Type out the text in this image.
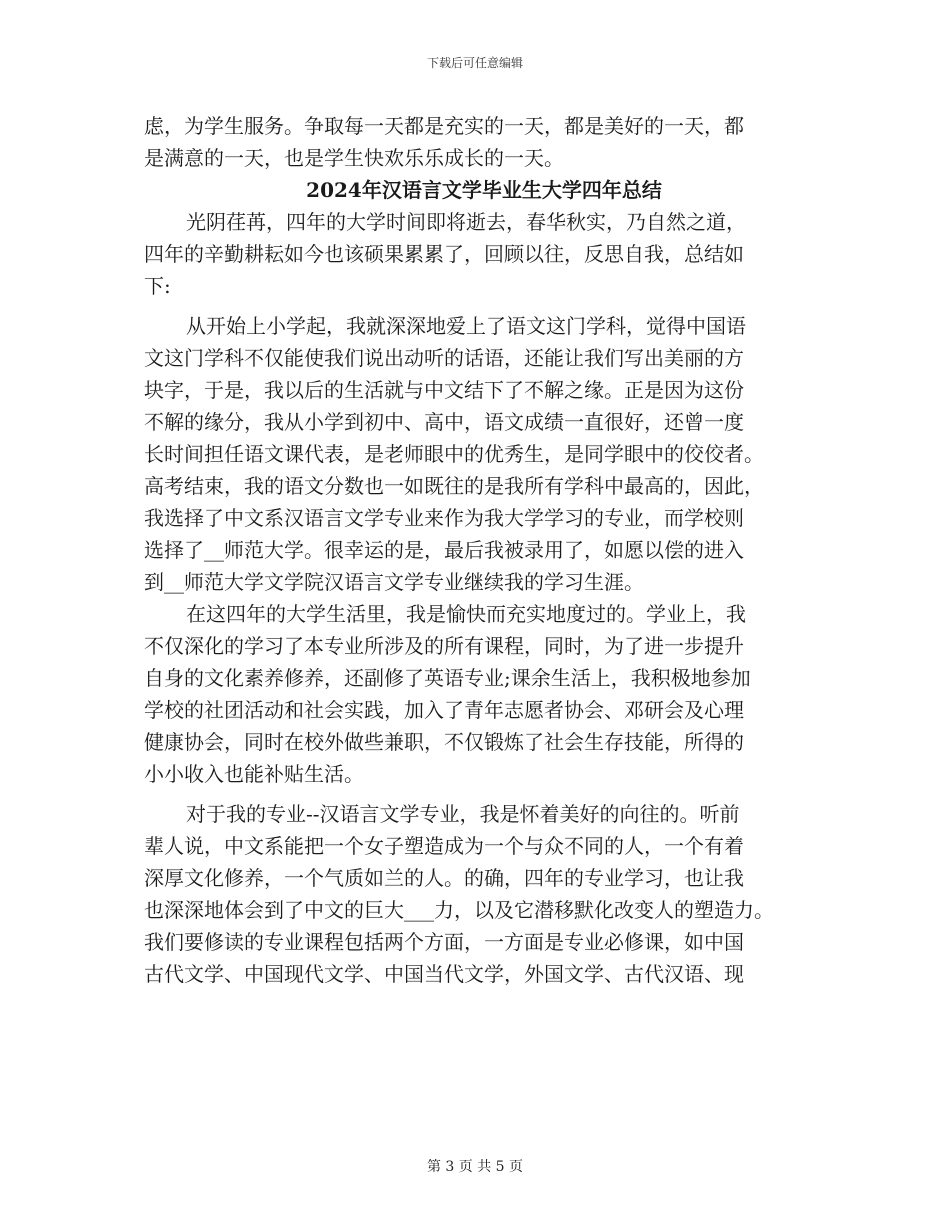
下载后可任意编辑
虑，为学生服务。争取每一天都是充实的一天，都是美好的一天，都
是满意的一天，也是学生快欢乐乐成长的一天。
2024年汉语言文学毕业生大学四年总结
光阴荏苒，四年的大学时间即将逝去，春华秋实，乃自然之道，
四年的辛勤耕耘如今也该硕果累累了，回顾以往，反思自我，总结如
下:
从开始上小学起，我就深深地爱上了语文这门学科，觉得中国语
文这门学科不仅能使我们说出动听的话语，还能让我们写出美丽的方
块字，于是，我以后的生活就与中文结下了不解之缘。正是因为这份
不解的缘分，我从小学到初中、高中，语文成绩一直很好，还曾一度
长时间担任语文课代表，是老师眼中的优秀生，是同学眼中的佼佼者。
高考结束，我的语文分数也一如既往的是我所有学科中最高的，因此，
我选择了中文系汉语言文学专业来作为我大学学习的专业，而学校则
选择了__师范大学。很幸运的是，最后我被录用了，如愿以偿的进入
到__师范大学文学院汉语言文学专业继续我的学习生涯。
在这四年的大学生活里，我是愉快而充实地度过的。学业上，我
不仅深化的学习了本专业所涉及的所有课程，同时，为了进一步提升
自身的文化素养修养，还副修了英语专业;课余生活上，我积极地参加
学校的社团活动和社会实践，加入了青年志愿者协会、邓研会及心理
健康协会，同时在校外做些兼职，不仅锻炼了社会生存技能，所得的
小小收入也能补贴生活。
对于我的专业--汉语言文学专业，我是怀着美好的向往的。听前
辈人说，中文系能把一个女子塑造成为一个与众不同的人，一个有着
深厚文化修养，一个气质如兰的人。的确，四年的专业学习，也让我
也深深地体会到了中文的巨大___力，以及它潜移默化改变人的塑造力。
我们要修读的专业课程包括两个方面，一方面是专业必修课，如中国
古代文学、中国现代文学、中国当代文学，外国文学、古代汉语、现
第 3 页 共 5 页
